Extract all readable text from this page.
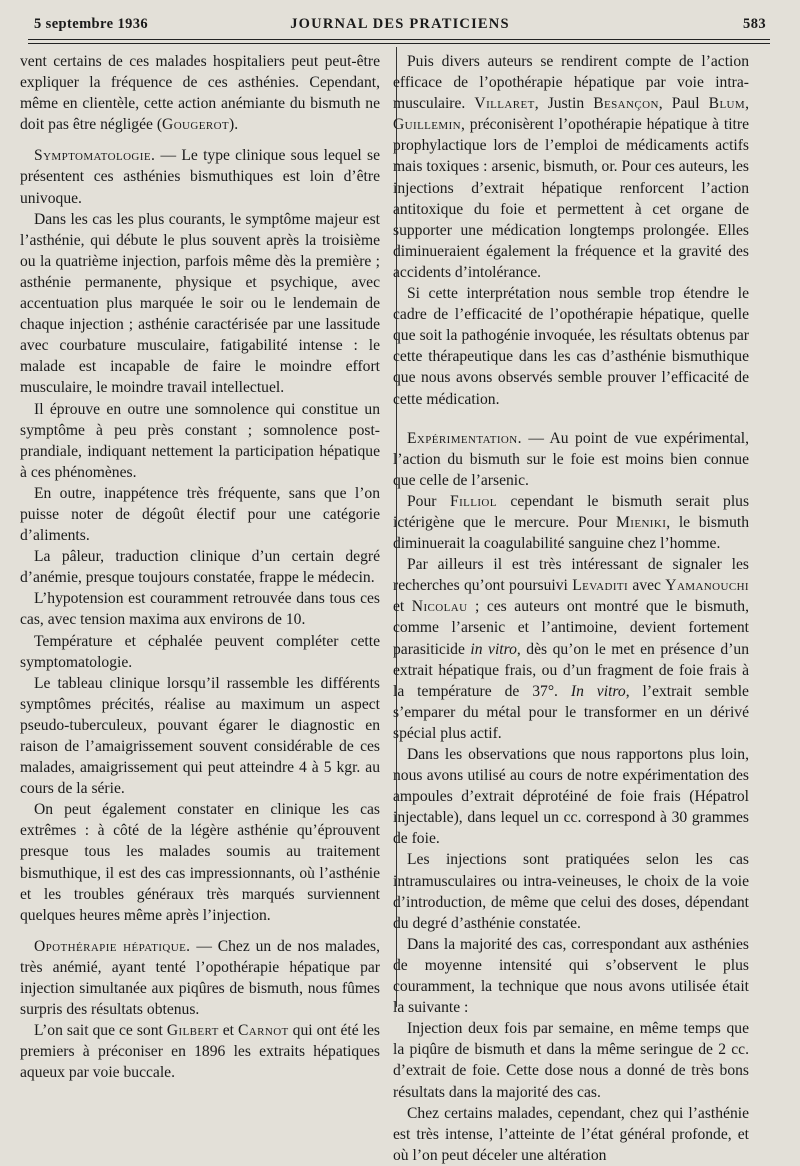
5 septembre 1936	JOURNAL DES PRATICIENS	583

vent certains de ces malades hospitaliers peut peut-être expliquer la fréquence de ces asthénies. Cependant, même en clientèle, cette action anémiante du bismuth ne doit pas être négligée (Gougerot).

Symptomatologie. — Le type clinique sous lequel se présentent ces asthénies bismuthiques est loin d’être univoque.

Dans les cas les plus courants, le symptôme majeur est l’asthénie, qui débute le plus souvent après la troisième ou la quatrième injection, parfois même dès la première ; asthénie permanente, physique et psychique, avec accentuation plus marquée le soir ou le lendemain de chaque injection ; asthénie caractérisée par une lassitude avec courbature musculaire, fatigabilité intense : le malade est incapable de faire le moindre effort musculaire, le moindre travail intellectuel.

Il éprouve en outre une somnolence qui constitue un symptôme à peu près constant ; somnolence post-prandiale, indiquant nettement la participation hépatique à ces phénomènes.

En outre, inappétence très fréquente, sans que l’on puisse noter de dégoût électif pour une catégorie d’aliments.

La pâleur, traduction clinique d’un certain degré d’anémie, presque toujours constatée, frappe le médecin.

L’hypotension est couramment retrouvée dans tous ces cas, avec tension maxima aux environs de 10.

Température et céphalée peuvent compléter cette symptomatologie.

Le tableau clinique lorsqu’il rassemble les différents symptômes précités, réalise au maximum un aspect pseudo-tuberculeux, pouvant égarer le diagnostic en raison de l’amaigrissement souvent considérable de ces malades, amaigrissement qui peut atteindre 4 à 5 kgr. au cours de la série.

On peut également constater en clinique les cas extrêmes : à côté de la légère asthénie qu’éprouvent presque tous les malades soumis au traitement bismuthique, il est des cas impressionnants, où l’asthénie et les troubles généraux très marqués surviennent quelques heures même après l’injection.

Opothérapie hépatique. — Chez un de nos malades, très anémié, ayant tenté l’opothérapie hépatique par injection simultanée aux piqûres de bismuth, nous fûmes surpris des résultats obtenus.

L’on sait que ce sont Gilbert et Carnot qui ont été les premiers à préconiser en 1896 les extraits hépatiques aqueux par voie buccale.

Puis divers auteurs se rendirent compte de l’action efficace de l’opothérapie hépatique par voie intra-musculaire. Villaret, Justin Besançon, Paul Blum, Guillemin, préconisèrent l’opothérapie hépatique à titre prophylactique lors de l’emploi de médicaments actifs mais toxiques : arsenic, bismuth, or. Pour ces auteurs, les injections d’extrait hépatique renforcent l’action antitoxique du foie et permettent à cet organe de supporter une médication longtemps prolongée. Elles diminueraient également la fréquence et la gravité des accidents d’intolérance.

Si cette interprétation nous semble trop étendre le cadre de l’efficacité de l’opothérapie hépatique, quelle que soit la pathogénie invoquée, les résultats obtenus par cette thérapeutique dans les cas d’asthénie bismuthique que nous avons observés semble prouver l’efficacité de cette médication.

Expérimentation. — Au point de vue expérimental, l’action du bismuth sur le foie est moins bien connue que celle de l’arsenic.

Pour Filliol cependant le bismuth serait plus ictérigène que le mercure. Pour Mieniki, le bismuth diminuerait la coagulabilité sanguine chez l’homme.

Par ailleurs il est très intéressant de signaler les recherches qu’ont poursuivi Levaditi avec Yamanouchi et Nicolau ; ces auteurs ont montré que le bismuth, comme l’arsenic et l’antimoine, devient fortement parasiticide in vitro, dès qu’on le met en présence d’un extrait hépatique frais, ou d’un fragment de foie frais à la température de 37°. In vitro, l’extrait semble s’emparer du métal pour le transformer en un dérivé spécial plus actif.

Dans les observations que nous rapportons plus loin, nous avons utilisé au cours de notre expérimentation des ampoules d’extrait déprotéiné de foie frais (Hépatrol injectable), dans lequel un cc. correspond à 30 grammes de foie.

Les injections sont pratiquées selon les cas intramusculaires ou intra-veineuses, le choix de la voie d’introduction, de même que celui des doses, dépendant du degré d’asthénie constatée.

Dans la majorité des cas, correspondant aux asthénies de moyenne intensité qui s’observent le plus couramment, la technique que nous avons utilisée était la suivante :

Injection deux fois par semaine, en même temps que la piqûre de bismuth et dans la même seringue de 2 cc. d’extrait de foie. Cette dose nous a donné de très bons résultats dans la majorité des cas.

Chez certains malades, cependant, chez qui l’asthénie est très intense, l’atteinte de l’état général profonde, et où l’on peut déceler une altération
